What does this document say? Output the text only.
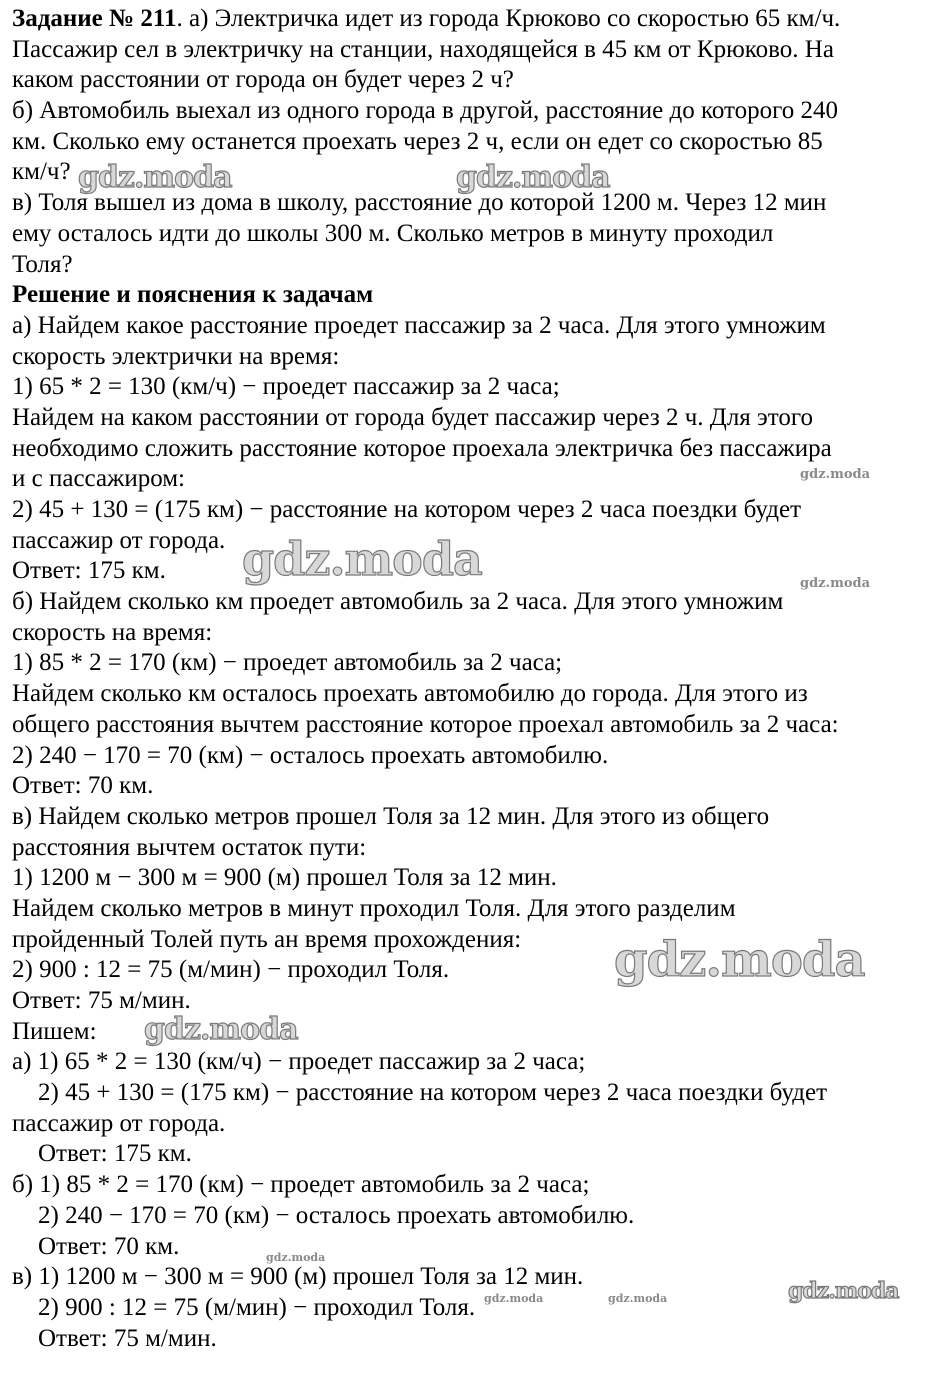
Задание № 211. а) Электричка идет из города Крюково со скоростью 65 км/ч.
Пассажир сел в электричку на станции, находящейся в 45 км от Крюково. На
каком расстоянии от города он будет через 2 ч?
б) Автомобиль выехал из одного города в другой, расстояние до которого 240
км. Сколько ему останется проехать через 2 ч, если он едет со скоростью 85
км/ч?
в) Толя вышел из дома в школу, расстояние до которой 1200 м. Через 12 мин
ему осталось идти до школы 300 м. Сколько метров в минуту проходил
Толя?
Решение и пояснения к задачам
а) Найдем какое расстояние проедет пассажир за 2 часа. Для этого умножим
скорость электрички на время:
1) 65 * 2 = 130 (км/ч) − проедет пассажир за 2 часа;
Найдем на каком расстоянии от города будет пассажир через 2 ч. Для этого
необходимо сложить расстояние которое проехала электричка без пассажира
и с пассажиром:
2) 45 + 130 = (175 км) − расстояние на котором через 2 часа поездки будет
пассажир от города.
Ответ: 175 км.
б) Найдем сколько км проедет автомобиль за 2 часа. Для этого умножим
скорость на время:
1) 85 * 2 = 170 (км) − проедет автомобиль за 2 часа;
Найдем сколько км осталось проехать автомобилю до города. Для этого из
общего расстояния вычтем расстояние которое проехал автомобиль за 2 часа:
2) 240 − 170 = 70 (км) − осталось проехать автомобилю.
Ответ: 70 км.
в) Найдем сколько метров прошел Толя за 12 мин. Для этого из общего
расстояния вычтем остаток пути:
1) 1200 м − 300 м = 900 (м) прошел Толя за 12 мин.
Найдем сколько метров в минут проходил Толя. Для этого разделим
пройденный Толей путь ан время прохождения:
2) 900 : 12 = 75 (м/мин) − проходил Толя.
Ответ: 75 м/мин.
Пишем:
а) 1) 65 * 2 = 130 (км/ч) − проедет пассажир за 2 часа;
2) 45 + 130 = (175 км) − расстояние на котором через 2 часа поездки будет
пассажир от города.
Ответ: 175 км.
б) 1) 85 * 2 = 170 (км) − проедет автомобиль за 2 часа;
2) 240 − 170 = 70 (км) − осталось проехать автомобилю.
Ответ: 70 км.
в) 1) 1200 м − 300 м = 900 (м) прошел Толя за 12 мин.
2) 900 : 12 = 75 (м/мин) − проходил Толя.
Ответ: 75 м/мин.
gdz.moda	gdz.moda
gdz.moda
gdz.moda	gdz.moda
gdz.moda
gdz.moda
gdz.moda
gdz.moda	gdz.moda	gdz.moda
